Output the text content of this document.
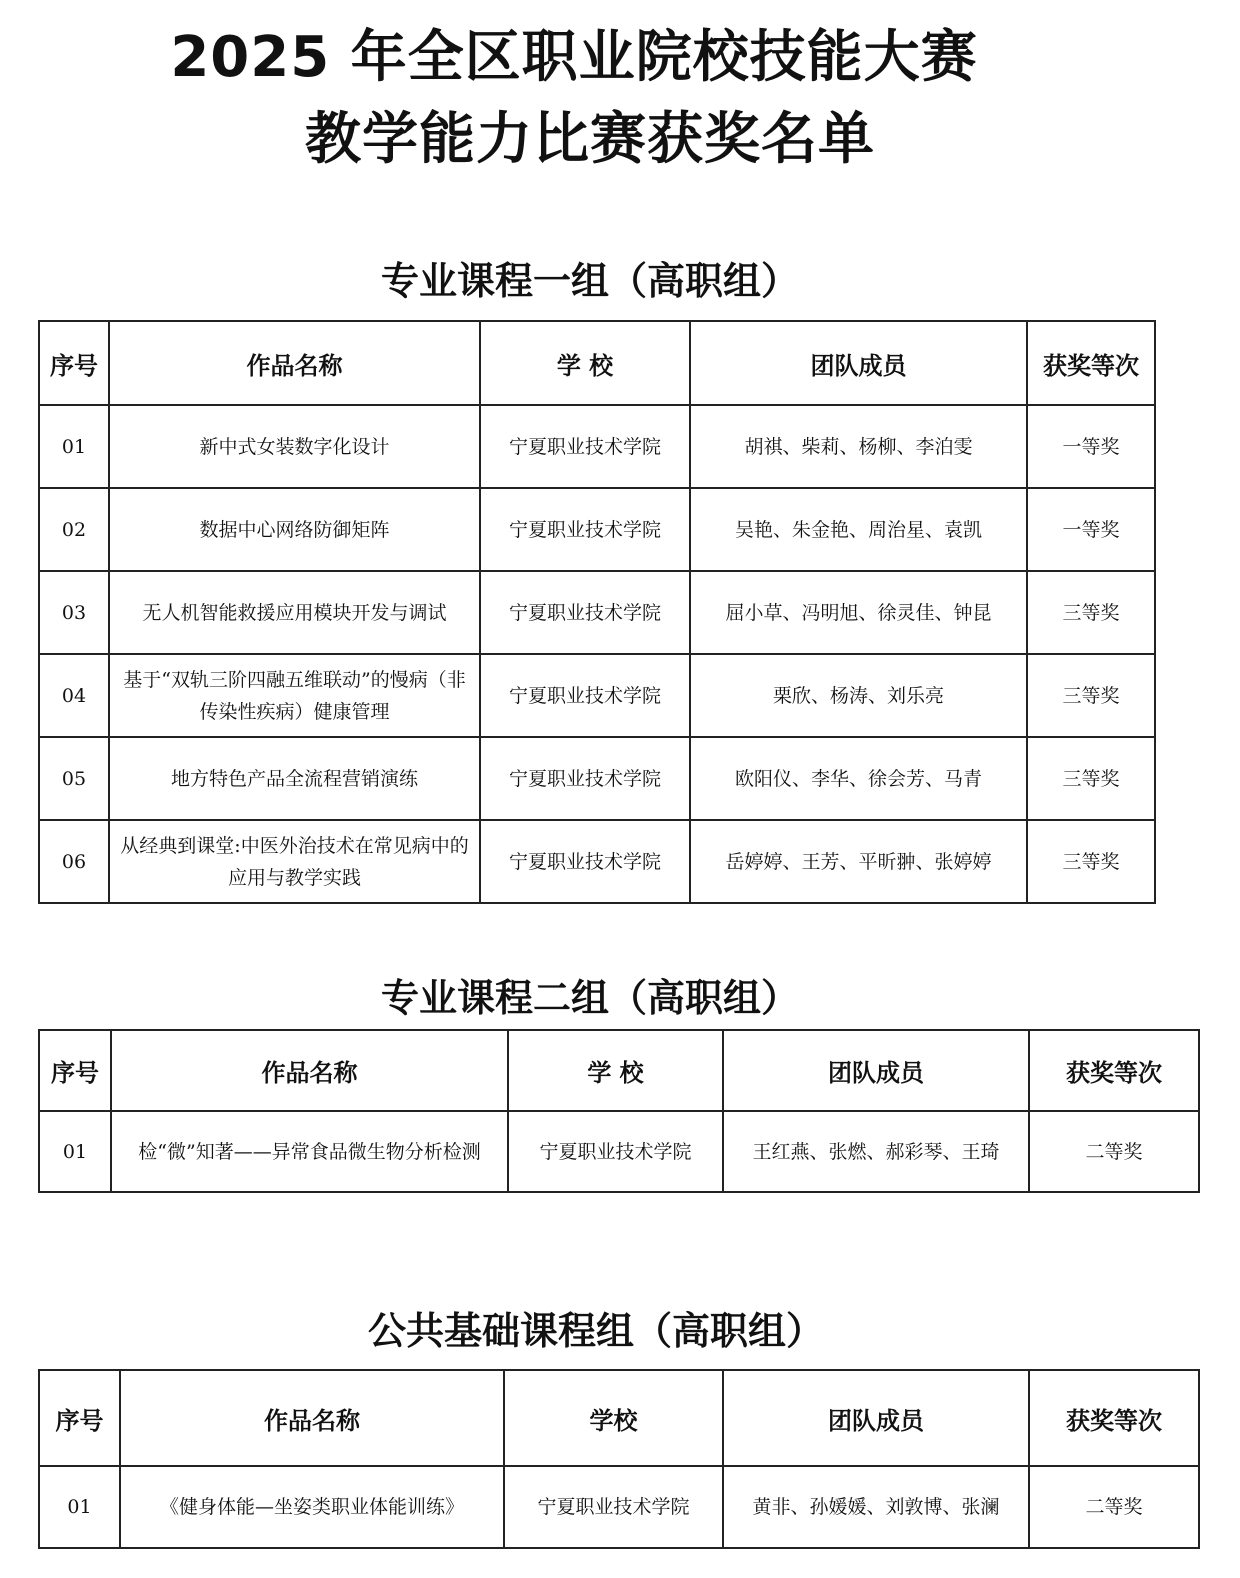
2025 年全区职业院校技能大赛
教学能力比赛获奖名单
专业课程一组（高职组）
序号	作品名称	学 校	团队成员	获奖等次
01	新中式女装数字化设计	宁夏职业技术学院	胡祺、柴莉、杨柳、李泊雯	一等奖
02	数据中心网络防御矩阵	宁夏职业技术学院	吴艳、朱金艳、周治星、袁凯	一等奖
03	无人机智能救援应用模块开发与调试	宁夏职业技术学院	屈小草、冯明旭、徐灵佳、钟昆	三等奖
04	基于“双轨三阶四融五维联动”的慢病（非传染性疾病）健康管理	宁夏职业技术学院	栗欣、杨涛、刘乐亮	三等奖
05	地方特色产品全流程营销演练	宁夏职业技术学院	欧阳仪、李华、徐会芳、马青	三等奖
06	从经典到课堂:中医外治技术在常见病中的应用与教学实践	宁夏职业技术学院	岳婷婷、王芳、平昕翀、张婷婷	三等奖
专业课程二组（高职组）
序号	作品名称	学 校	团队成员	获奖等次
01	检“微”知著——异常食品微生物分析检测	宁夏职业技术学院	王红燕、张燃、郝彩琴、王琦	二等奖
公共基础课程组（高职组）
序号	作品名称	学校	团队成员	获奖等次
01	《健身体能—坐姿类职业体能训练》	宁夏职业技术学院	黄非、孙媛媛、刘敦博、张澜	二等奖
